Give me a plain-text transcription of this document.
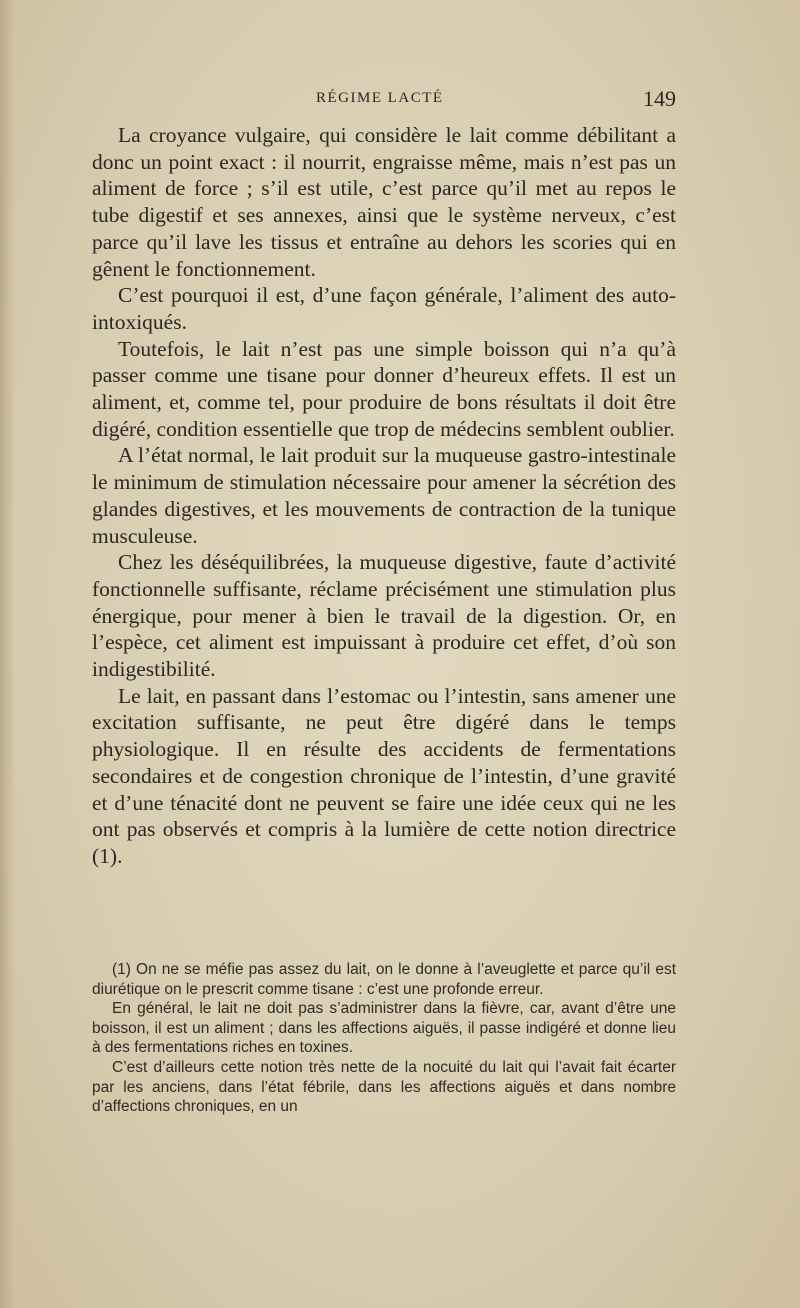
RÉGIME LACTÉ	149

La croyance vulgaire, qui considère le lait comme débilitant a donc un point exact : il nourrit, engraisse même, mais n’est pas un aliment de force ; s’il est utile, c’est parce qu’il met au repos le tube digestif et ses annexes, ainsi que le système nerveux, c’est parce qu’il lave les tissus et entraîne au dehors les scories qui en gênent le fonctionnement.

C’est pourquoi il est, d’une façon générale, l’aliment des auto-intoxiqués.

Toutefois, le lait n’est pas une simple boisson qui n’a qu’à passer comme une tisane pour donner d’heureux effets. Il est un aliment, et, comme tel, pour produire de bons résultats il doit être digéré, condition essentielle que trop de médecins semblent oublier.

A l’état normal, le lait produit sur la muqueuse gastro-intestinale le minimum de stimulation nécessaire pour amener la sécrétion des glandes digestives, et les mouvements de contraction de la tunique musculeuse.

Chez les déséquilibrées, la muqueuse digestive, faute d’activité fonctionnelle suffisante, réclame précisément une stimulation plus énergique, pour mener à bien le travail de la digestion. Or, en l’espèce, cet aliment est impuissant à produire cet effet, d’où son indigestibilité.

Le lait, en passant dans l’estomac ou l’intestin, sans amener une excitation suffisante, ne peut être digéré dans le temps physiologique. Il en résulte des accidents de fermentations secondaires et de congestion chronique de l’intestin, d’une gravité et d’une ténacité dont ne peuvent se faire une idée ceux qui ne les ont pas observés et compris à la lumière de cette notion directrice (1).

(1) On ne se méfie pas assez du lait, on le donne à l’aveuglette et parce qu’il est diurétique on le prescrit comme tisane : c’est une profonde erreur.

En général, le lait ne doit pas s’administrer dans la fièvre, car, avant d’être une boisson, il est un aliment ; dans les affections aiguës, il passe indigéré et donne lieu à des fermentations riches en toxines.

C’est d’ailleurs cette notion très nette de la nocuité du lait qui l’avait fait écarter par les anciens, dans l’état fébrile, dans les affections aiguës et dans nombre d’affections chroniques, en un
